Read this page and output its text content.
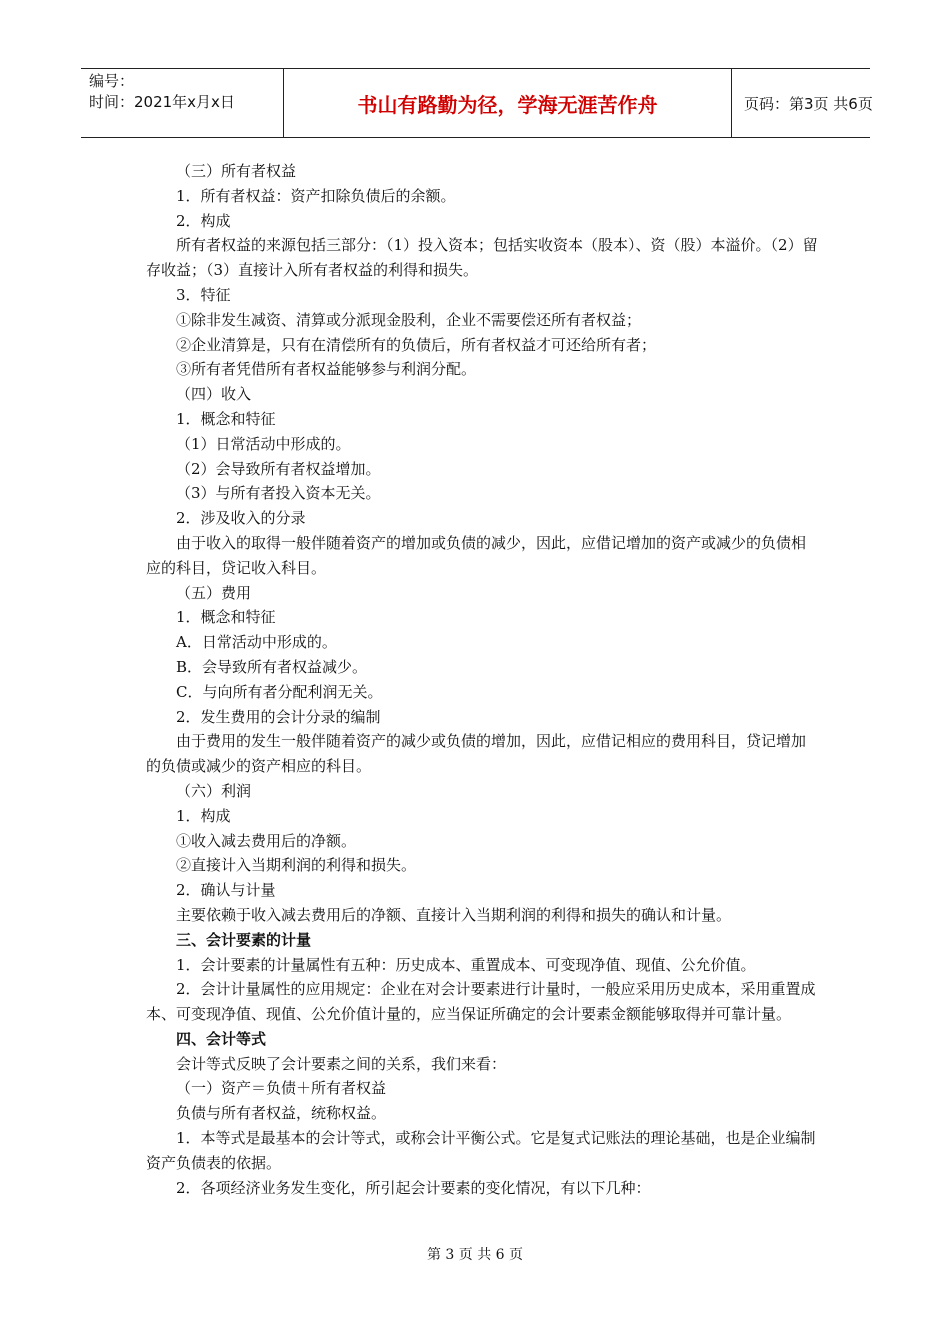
编号：
时间：2021年x月x日	书山有路勤为径，学海无涯苦作舟	页码：第3页 共6页

（三）所有者权益

1．所有者权益：资产扣除负债后的余额。

2．构成

所有者权益的来源包括三部分：（1）投入资本；包括实收资本（股本）、资（股）本溢价。（2）留存收益；（3）直接计入所有者权益的利得和损失。

3．特征

①除非发生减资、清算或分派现金股利，企业不需要偿还所有者权益；

②企业清算是，只有在清偿所有的负债后，所有者权益才可还给所有者；

③所有者凭借所有者权益能够参与利润分配。

（四）收入

1．概念和特征

（1）日常活动中形成的。

（2）会导致所有者权益增加。

（3）与所有者投入资本无关。

2．涉及收入的分录

由于收入的取得一般伴随着资产的增加或负债的减少，因此，应借记增加的资产或减少的负债相应的科目，贷记收入科目。

（五）费用

1．概念和特征

A．日常活动中形成的。

B．会导致所有者权益减少。

C．与向所有者分配利润无关。

2．发生费用的会计分录的编制

由于费用的发生一般伴随着资产的减少或负债的增加，因此，应借记相应的费用科目，贷记增加的负债或减少的资产相应的科目。

（六）利润

1．构成

①收入减去费用后的净额。

②直接计入当期利润的利得和损失。

2．确认与计量

主要依赖于收入减去费用后的净额、直接计入当期利润的利得和损失的确认和计量。

三、会计要素的计量

1．会计要素的计量属性有五种：历史成本、重置成本、可变现净值、现值、公允价值。

2．会计计量属性的应用规定：企业在对会计要素进行计量时，一般应采用历史成本，采用重置成本、可变现净值、现值、公允价值计量的，应当保证所确定的会计要素金额能够取得并可靠计量。

四、会计等式

会计等式反映了会计要素之间的关系，我们来看：

（一）资产＝负债＋所有者权益

负债与所有者权益，统称权益。

1．本等式是最基本的会计等式，或称会计平衡公式。它是复式记账法的理论基础，也是企业编制资产负债表的依据。

2．各项经济业务发生变化，所引起会计要素的变化情况，有以下几种：

第 3 页 共 6 页
